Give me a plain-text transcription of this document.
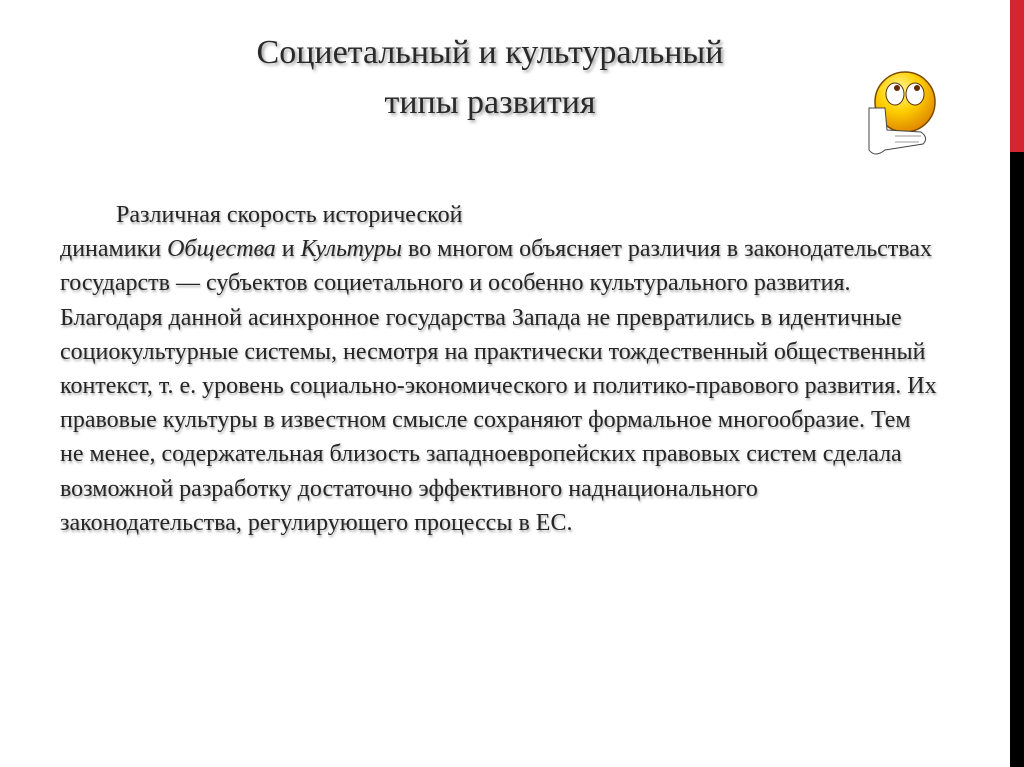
Социетальный и культуральный
типы развития

Различная скорость исторической

динамики Общества и Культуры во многом объясняет различия в законодательствах государств — субъектов социетального и особенно культурального развития. Благодаря данной асинхронное государства Запада не превратились в идентичные социокультурные системы, несмотря на практически тождественный общественный контекст, т. е. уровень социально-экономического и политико-правового развития. Их правовые культуры в известном смысле сохраняют формальное многообразие. Тем не менее, содержательная близость западноевропейских правовых систем сделала возможной разработку достаточно эффективного наднационального законодательства, регулирующего процессы в ЕС.
